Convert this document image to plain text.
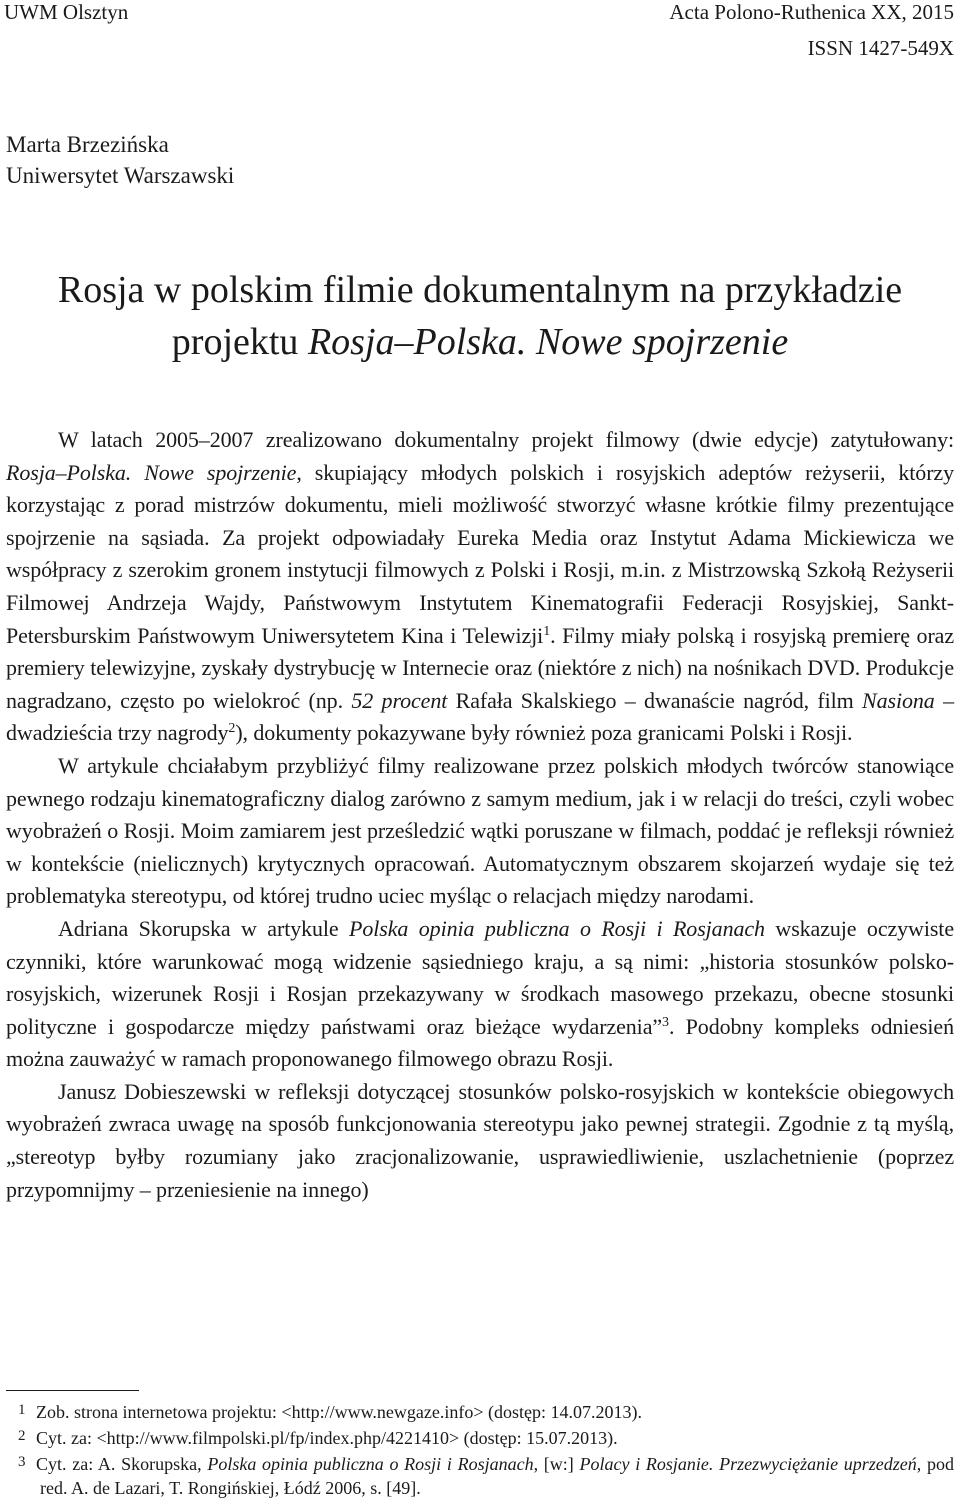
UWM Olsztyn	Acta Polono-Ruthenica XX, 2015
ISSN 1427-549X
Marta Brzezińska
Uniwersytet Warszawski
Rosja w polskim filmie dokumentalnym na przykładzie
projektu Rosja–Polska. Nowe spojrzenie

W latach 2005–2007 zrealizowano dokumentalny projekt filmowy (dwie edycje) zatytułowany: Rosja–Polska. Nowe spojrzenie, skupiający młodych polskich i rosyjskich adeptów reżyserii, którzy korzystając z porad mistrzów dokumentu, mieli możliwość stworzyć własne krótkie filmy prezentujące spojrzenie na sąsiada. Za projekt odpowiadały Eureka Media oraz Instytut Adama Mickiewicza we współpracy z szerokim gronem instytucji filmowych z Polski i Rosji, m.in. z Mistrzowską Szkołą Reżyserii Filmowej Andrzeja Wajdy, Państwowym Instytutem Kinematografii Federacji Rosyjskiej, Sankt-Petersburskim Państwowym Uniwersytetem Kina i Telewizji$^1$. Filmy miały polską i rosyjską premierę oraz premiery telewizyjne, zyskały dystrybucję w Internecie oraz (niektóre z nich) na nośnikach DVD. Produkcje nagradzano, często po wielokroć (np. 52 procent Rafała Skalskiego – dwanaście nagród, film Nasiona – dwadzieścia trzy nagrody$^2$), dokumenty pokazywane były również poza granicami Polski i Rosji.

W artykule chciałabym przybliżyć filmy realizowane przez polskich młodych twórców stanowiące pewnego rodzaju kinematograficzny dialog zarówno z samym medium, jak i w relacji do treści, czyli wobec wyobrażeń o Rosji. Moim zamiarem jest prześledzić wątki poruszane w filmach, poddać je refleksji również w kontekście (nielicznych) krytycznych opracowań. Automatycznym obszarem skojarzeń wydaje się też problematyka stereotypu, od której trudno uciec myśląc o relacjach między narodami.

Adriana Skorupska w artykule Polska opinia publiczna o Rosji i Rosjanach wskazuje oczywiste czynniki, które warunkować mogą widzenie sąsiedniego kraju, a są nimi: „historia stosunków polsko-rosyjskich, wizerunek Rosji i Rosjan przekazywany w środkach masowego przekazu, obecne stosunki polityczne i gospodarcze między państwami oraz bieżące wydarzenia”$^3$. Podobny kompleks odniesień można zauważyć w ramach proponowanego filmowego obrazu Rosji.

Janusz Dobieszewski w refleksji dotyczącej stosunków polsko-rosyjskich w kontekście obiegowych wyobrażeń zwraca uwagę na sposób funkcjonowania stereotypu jako pewnej strategii. Zgodnie z tą myślą, „stereotyp byłby rozumiany jako zracjonalizowanie, usprawiedliwienie, uszlachetnienie (poprzez przypomnijmy – przeniesienie na innego)

1 Zob. strona internetowa projektu: <http://www.newgaze.info> (dostęp: 14.07.2013).

2 Cyt. za: <http://www.filmpolski.pl/fp/index.php/4221410> (dostęp: 15.07.2013).

3 Cyt. za: A. Skorupska, Polska opinia publiczna o Rosji i Rosjanach, [w:] Polacy i Rosjanie. Przezwyciężanie uprzedzeń, pod red. A. de Lazari, T. Rongińskiej, Łódź 2006, s. [49].
